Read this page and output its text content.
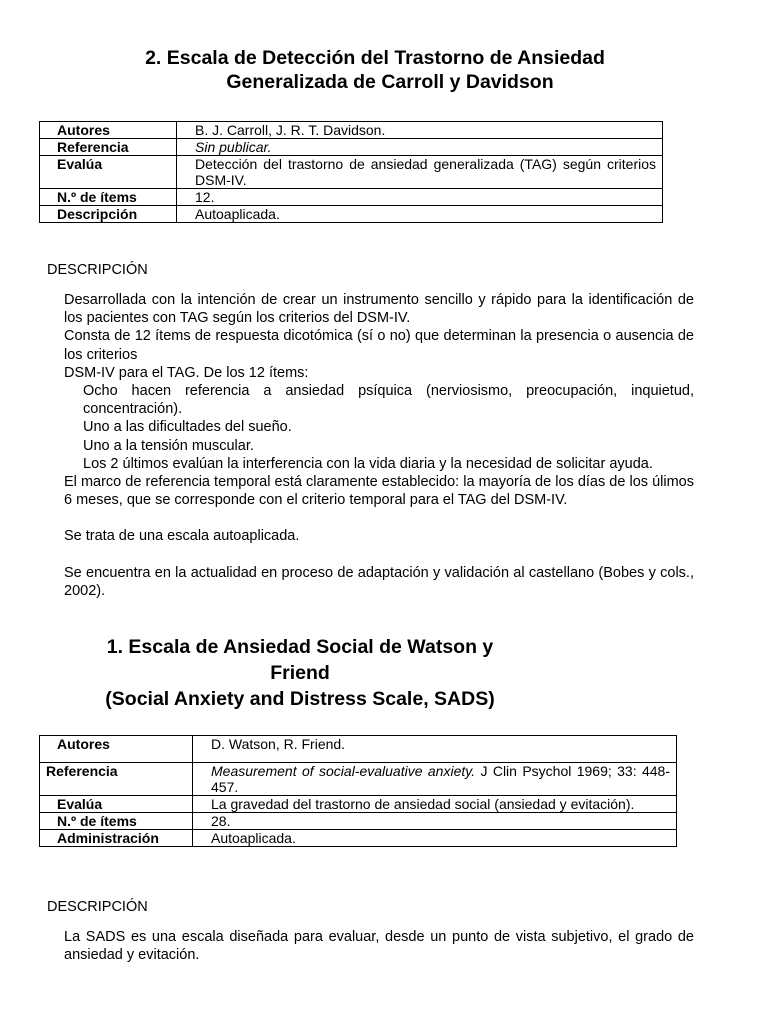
2. Escala de Detección del Trastorno de Ansiedad
Generalizada de Carroll y Davidson
Autores	B. J. Carroll, J. R. T. Davidson.
Referencia	Sin publicar.
Evalúa	Detección del trastorno de ansiedad generalizada (TAG) según criterios DSM-IV.
N.º de ítems	12.
Descripción	Autoaplicada.
DESCRIPCIÓN

Desarrollada con la intención de crear un instrumento sencillo y rápido para la identificación de los pacientes con TAG según los criterios del DSM-IV.

Consta de 12 ítems de respuesta dicotómica (sí o no) que determinan la presencia o ausencia de los criterios

DSM-IV para el TAG. De los 12 ítems:

Ocho hacen referencia a ansiedad psíquica (nerviosismo, preocupación, inquietud, concentración).

Uno a las dificultades del sueño.

Uno a la tensión muscular.

Los 2 últimos evalúan la interferencia con la vida diaria y la necesidad de solicitar ayuda.

El marco de referencia temporal está claramente establecido: la mayoría de los días de los úlimos 6 meses, que se corresponde con el criterio temporal para el TAG del DSM-IV.

Se trata de una escala autoaplicada.

Se encuentra en la actualidad en proceso de adaptación y validación al castellano (Bobes y cols., 2002).

1. Escala de Ansiedad Social de Watson y
Friend
(Social Anxiety and Distress Scale, SADS)
Autores	D. Watson, R. Friend.
Referencia	Measurement of social-evaluative anxiety. J Clin Psychol 1969; 33: 448-457.
Evalúa	La gravedad del trastorno de ansiedad social (ansiedad y evitación).
N.º de ítems	28.
Administración	Autoaplicada.
DESCRIPCIÓN

La SADS es una escala diseñada para evaluar, desde un punto de vista subjetivo, el grado de ansiedad y evitación.
